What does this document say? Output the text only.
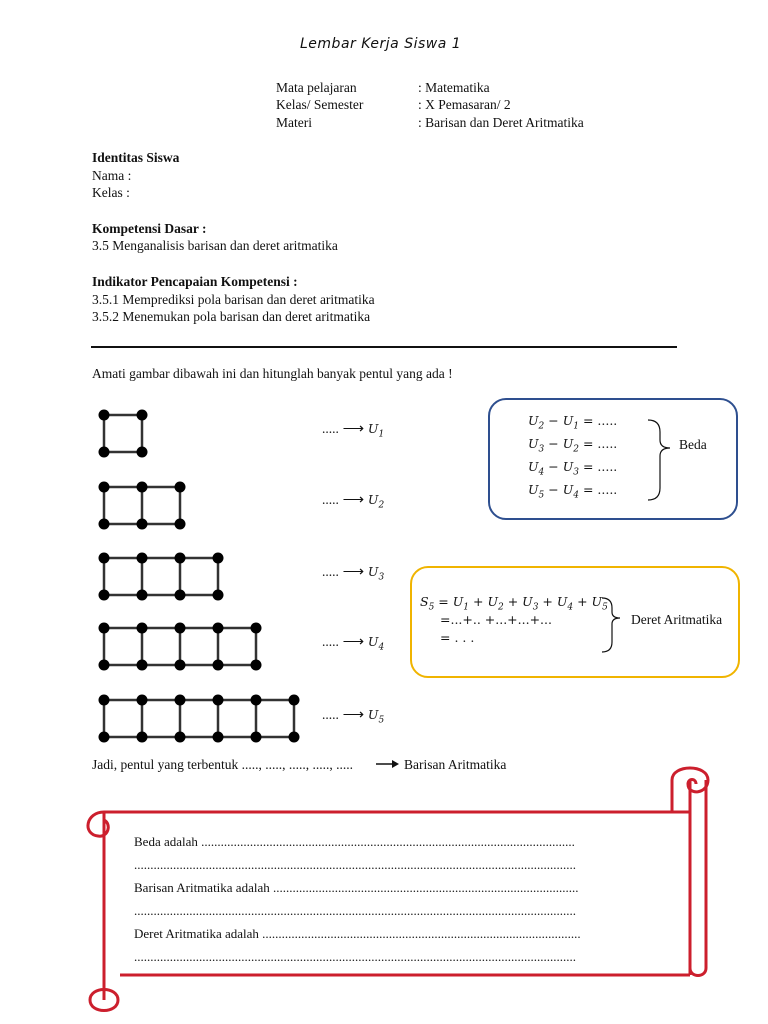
Lembar Kerja Siswa 1
Mata pelajaran	: Matematika
Kelas/ Semester	: X Pemasaran/ 2
Materi	: Barisan dan Deret Aritmatika
Identitas Siswa
Nama :
Kelas :
Kompetensi Dasar :
3.5 Menganalisis barisan dan deret aritmatika
Indikator Pencapaian Kompetensi :
3.5.1 Memprediksi pola barisan dan deret aritmatika
3.5.2 Menemukan pola barisan dan deret aritmatika
Amati gambar dibawah ini dan hitunglah banyak pentul yang ada !
..... ⟶ $U_1$
..... ⟶ $U_2$
..... ⟶ $U_3$
..... ⟶ $U_4$
..... ⟶ $U_5$
$U_2 - U_1$ = .....
$U_3 - U_2$ = .....
$U_4 - U_3$ = .....
$U_5 - U_4$ = .....
Beda
$S_5 = U_1 + U_2 + U_3 + U_4 + U_5$
=...+.. +...+...+...
= . . .
Deret Aritmatika
Jadi, pentul yang terbentuk ....., ....., ....., ....., .....	Barisan Aritmatika
Beda adalah ...................................................................................................................
........................................................................................................................................
Barisan Aritmatika adalah ..............................................................................................
........................................................................................................................................
Deret Aritmatika adalah ..................................................................................................
........................................................................................................................................
